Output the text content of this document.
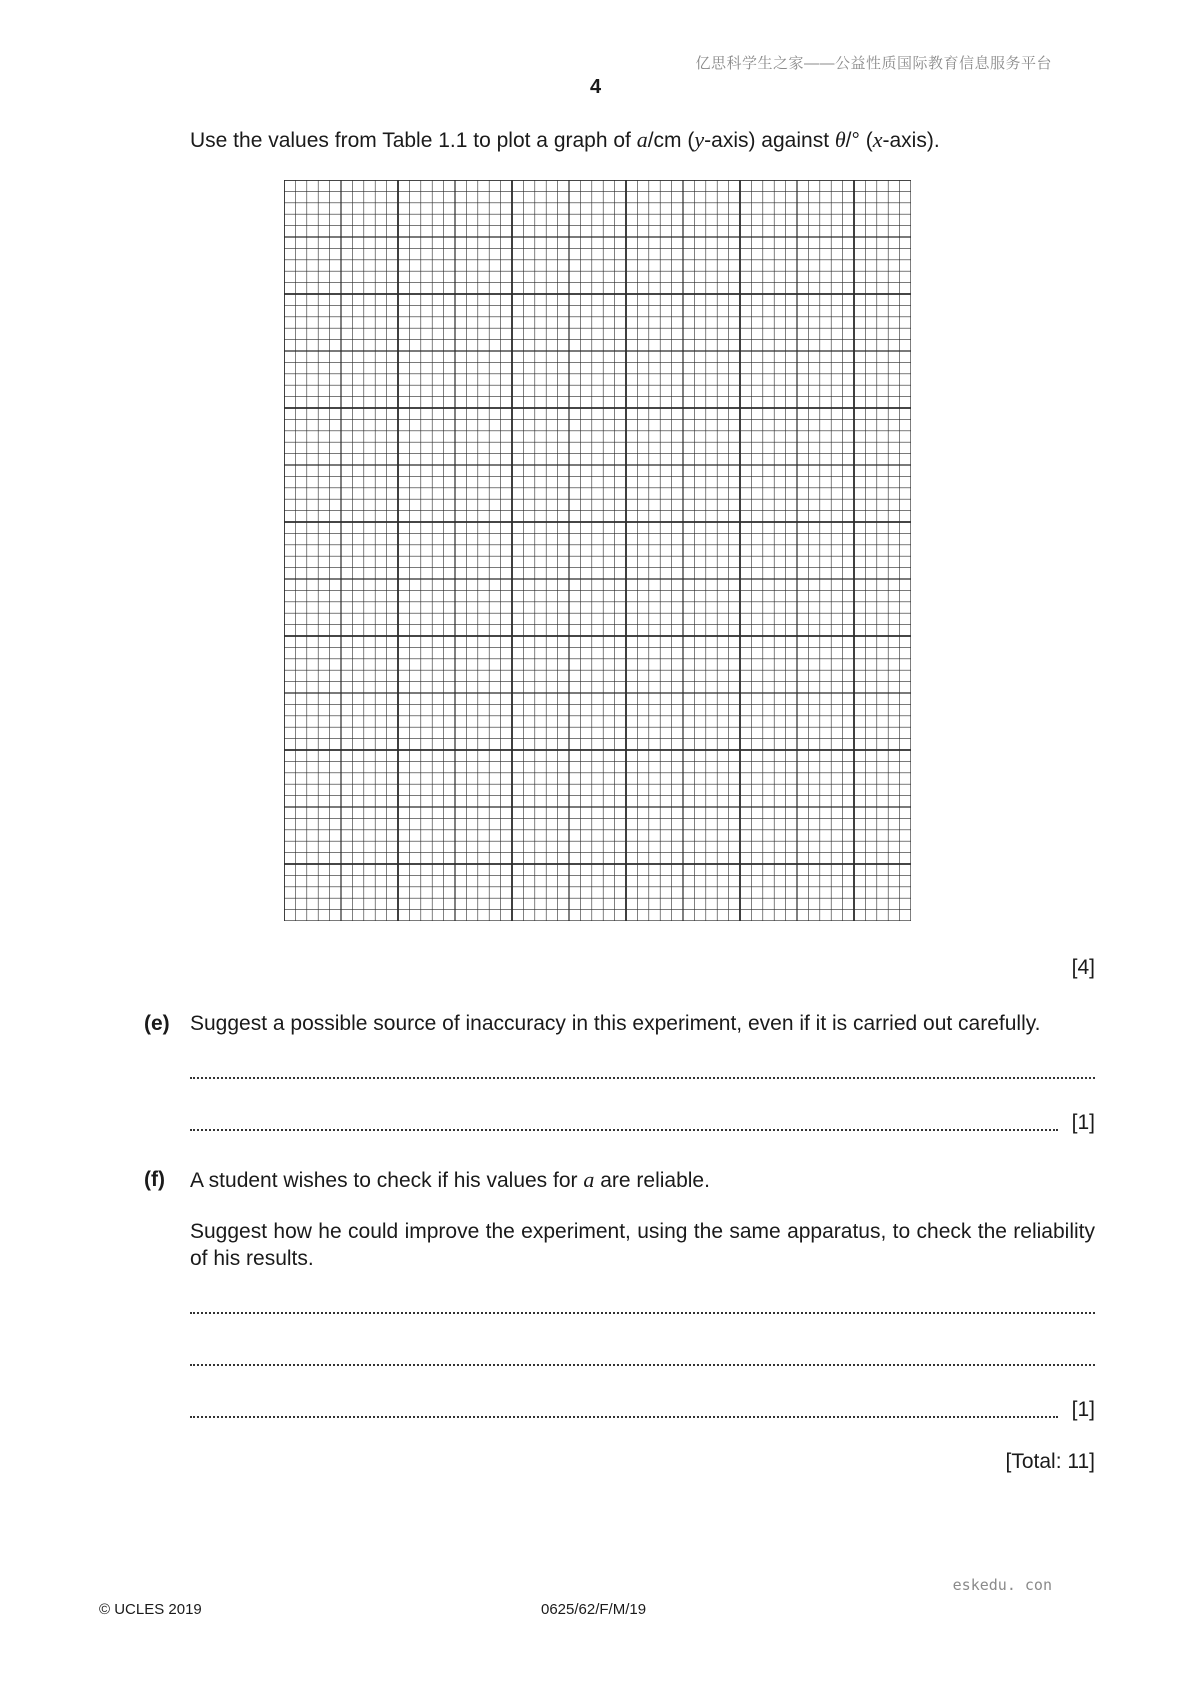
亿思科学生之家——公益性质国际教育信息服务平台
4
Use the values from Table 1.1 to plot a graph of a/cm (y-axis) against θ/° (x-axis).
[4]
(e) Suggest a possible source of inaccuracy in this experiment, even if it is carried out carefully.
[1]
(f) A student wishes to check if his values for a are reliable.
Suggest how he could improve the experiment, using the same apparatus, to check the reliability of his results.
[1]
[Total: 11]
eskedu. con
© UCLES 2019	0625/62/F/M/19
